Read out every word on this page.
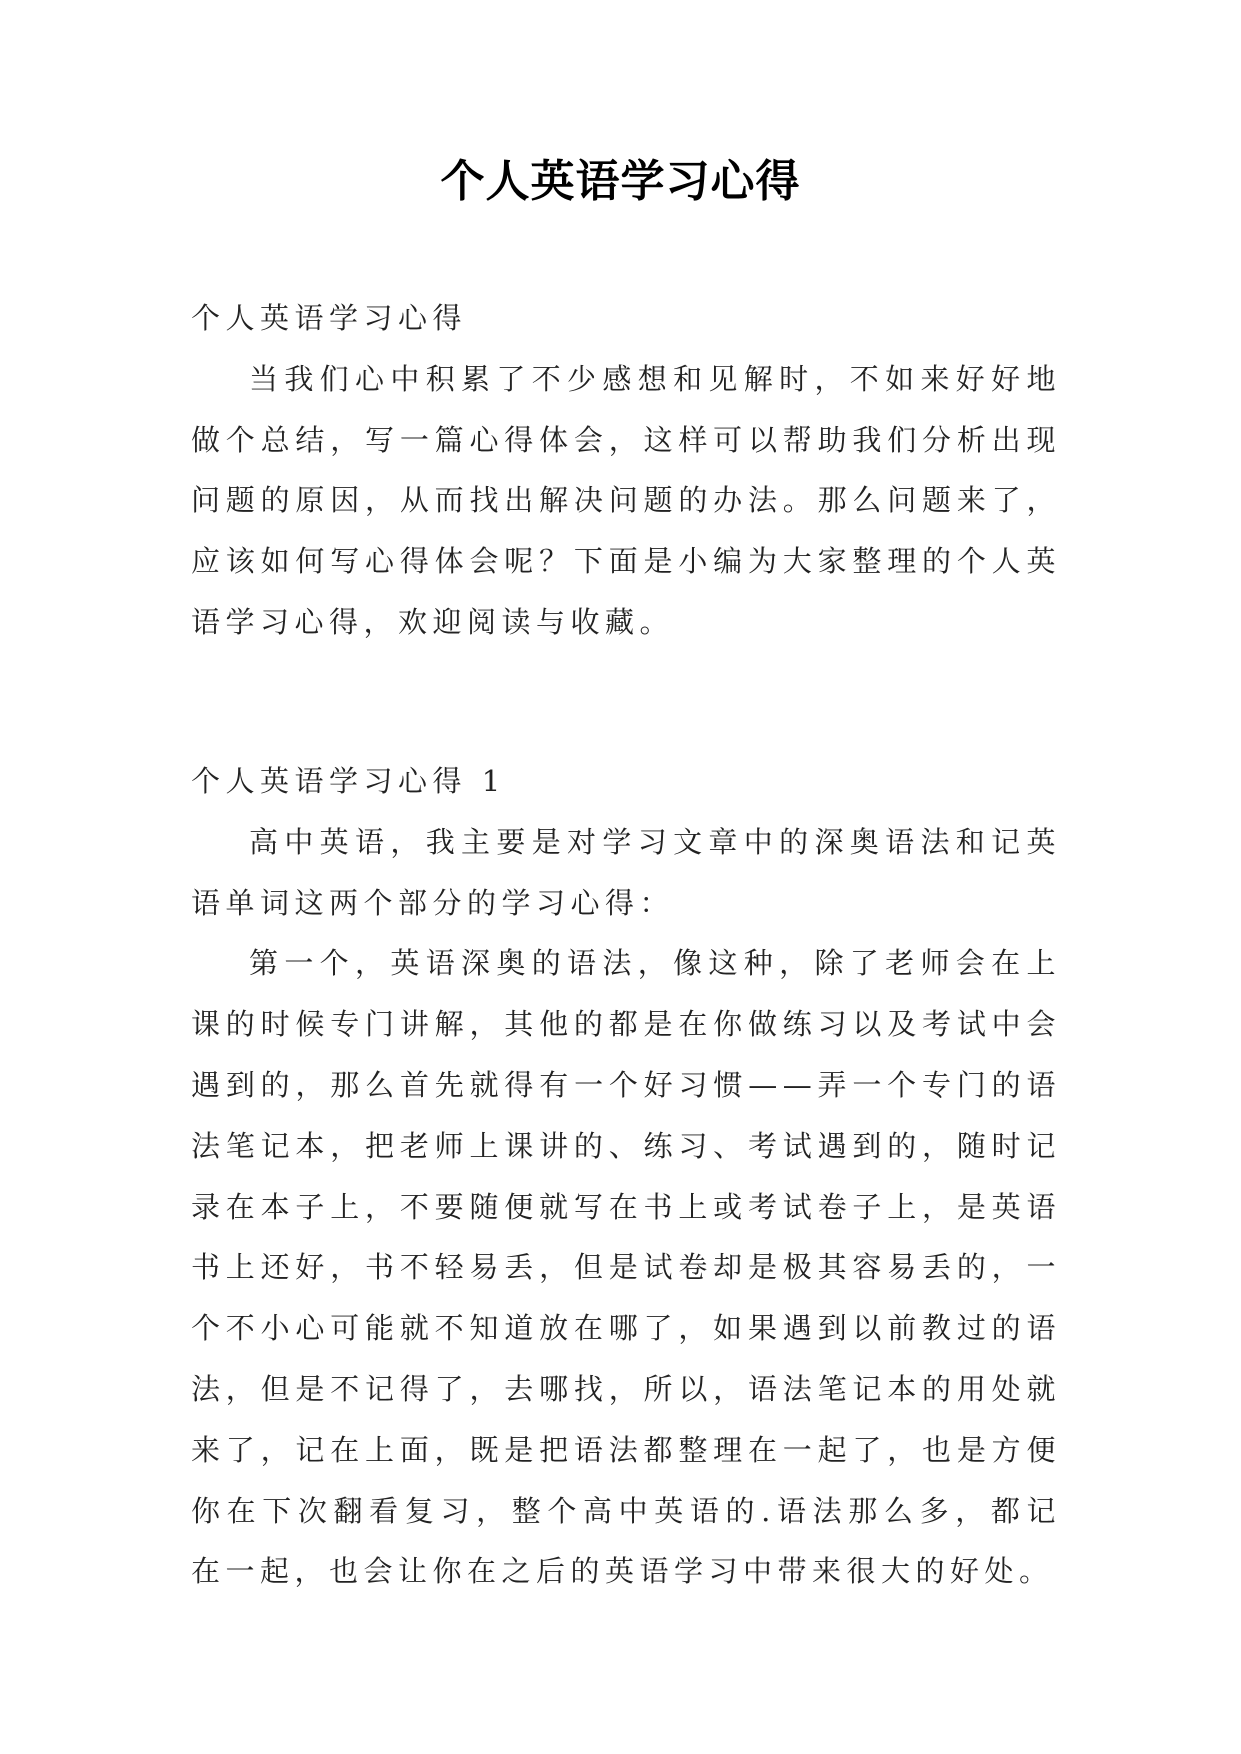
个人英语学习心得

个人英语学习心得

当我们心中积累了不少感想和见解时，不如来好好地做个总结，写一篇心得体会，这样可以帮助我们分析出现问题的原因，从而找出解决问题的办法。那么问题来了，应该如何写心得体会呢？下面是小编为大家整理的个人英语学习心得，欢迎阅读与收藏。

个人英语学习心得 1

高中英语，我主要是对学习文章中的深奥语法和记英语单词这两个部分的学习心得：

第一个，英语深奥的语法，像这种，除了老师会在上课的时候专门讲解，其他的都是在你做练习以及考试中会遇到的，那么首先就得有一个好习惯——弄一个专门的语法笔记本，把老师上课讲的、练习、考试遇到的，随时记录在本子上，不要随便就写在书上或考试卷子上，是英语书上还好，书不轻易丢，但是试卷却是极其容易丢的，一个不小心可能就不知道放在哪了，如果遇到以前教过的语法，但是不记得了，去哪找，所以，语法笔记本的用处就来了，记在上面，既是把语法都整理在一起了，也是方便你在下次翻看复习，整个高中英语的.语法那么多，都记在一起，也会让你在之后的英语学习中带来很大的好处。
